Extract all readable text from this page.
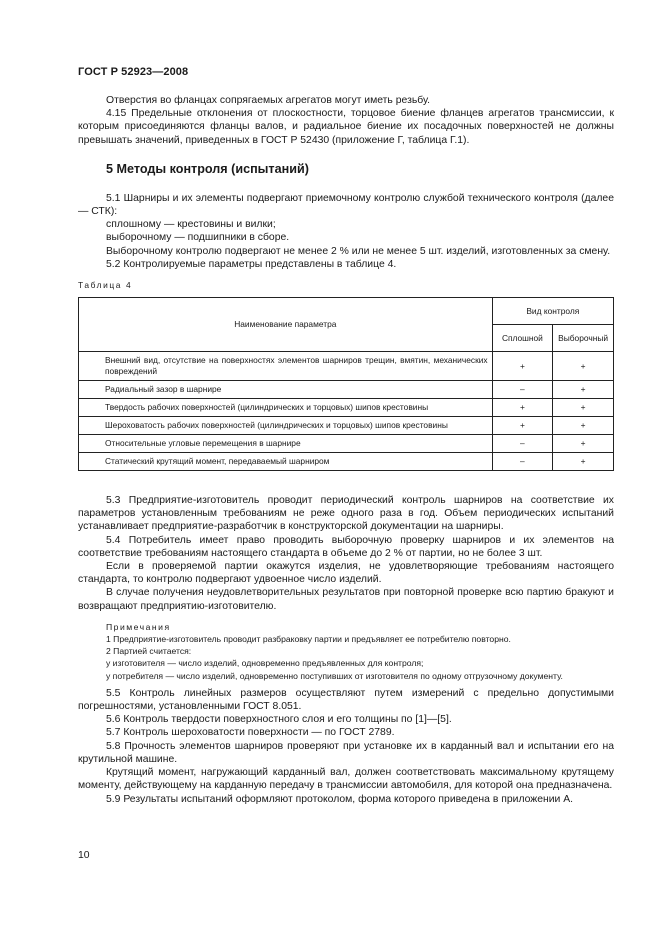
ГОСТ Р 52923—2008

Отверстия во фланцах сопрягаемых агрегатов могут иметь резьбу.

4.15 Предельные отклонения от плоскостности, торцовое биение фланцев агрегатов трансмиссии, к которым присоединяются фланцы валов, и радиальное биение их посадочных поверхностей не должны превышать значений, приведенных в ГОСТ Р 52430 (приложение Г, таблица Г.1).

5 Методы контроля (испытаний)

5.1 Шарниры и их элементы подвергают приемочному контролю службой технического контроля (далее — СТК):

сплошному — крестовины и вилки;

выборочному — подшипники в сборе.

Выборочному контролю подвергают не менее 2 % или не менее 5 шт. изделий, изготовленных за смену.

5.2 Контролируемые параметры представлены в таблице 4.

Таблица 4
Наименование параметра	Вид контроля	
	Сплошной	Выборочный
Внешний вид, отсутствие на поверхностях элементов шарниров трещин, вмятин, механических повреждений	+	+
Радиальный зазор в шарнире	–	+
Твердость рабочих поверхностей (цилиндрических и торцовых) шипов крестовины	+	+
Шероховатость рабочих поверхностей (цилиндрических и торцовых) шипов крестовины	+	+
Относительные угловые перемещения в шарнире	–	+
Статический крутящий момент, передаваемый шарниром	–	+

5.3 Предприятие-изготовитель проводит периодический контроль шарниров на соответствие их параметров установленным требованиям не реже одного раза в год. Объем периодических испытаний устанавливает предприятие-разработчик в конструкторской документации на шарниры.

5.4 Потребитель имеет право проводить выборочную проверку шарниров и их элементов на соответствие требованиям настоящего стандарта в объеме до 2 % от партии, но не более 3 шт.

Если в проверяемой партии окажутся изделия, не удовлетворяющие требованиям настоящего стандарта, то контролю подвергают удвоенное число изделий.

В случае получения неудовлетворительных результатов при повторной проверке всю партию бракуют и возвращают предприятию-изготовителю.

Примечания

1 Предприятие-изготовитель проводит разбраковку партии и предъявляет ее потребителю повторно.

2 Партией считается:

у изготовителя — число изделий, одновременно предъявленных для контроля;

у потребителя — число изделий, одновременно поступивших от изготовителя по одному отгрузочному документу.

5.5 Контроль линейных размеров осуществляют путем измерений с предельно допустимыми погрешностями, установленными ГОСТ 8.051.

5.6 Контроль твердости поверхностного слоя и его толщины по [1]—[5].

5.7 Контроль шероховатости поверхности — по ГОСТ 2789.

5.8 Прочность элементов шарниров проверяют при установке их в карданный вал и испытании его на крутильной машине.

Крутящий момент, нагружающий карданный вал, должен соответствовать максимальному крутящему моменту, действующему на карданную передачу в трансмиссии автомобиля, для которой она предназначена.

5.9 Результаты испытаний оформляют протоколом, форма которого приведена в приложении А.

10
